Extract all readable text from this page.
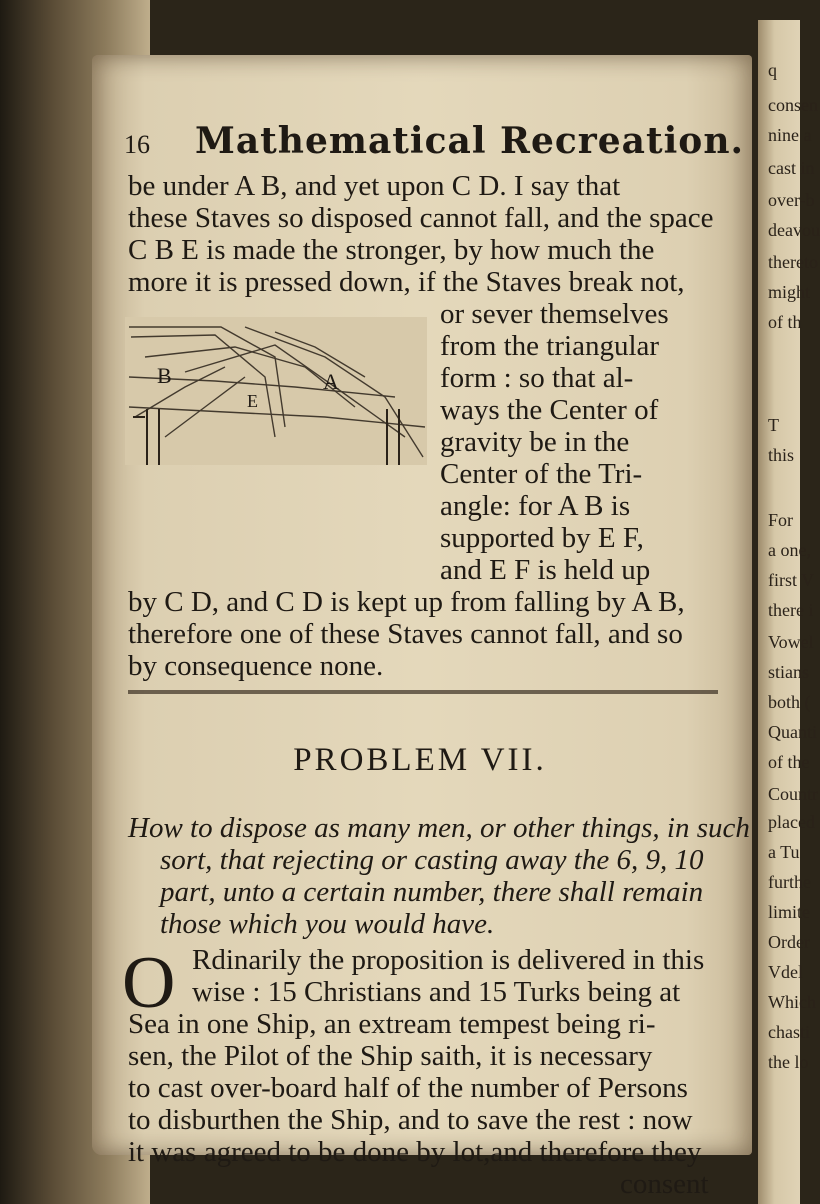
q
consen
nine a
cast in
over-b
deavou
thereto
might
of th
T
this
For
a one,
first V
there i
Vowel
stians
both (
Quanti
of the
Countr
placed
a Tu
furthe
limite
Order
Vdel
Which
chasti
the lo
16 Mathematical Recreation.
be under A B, and yet upon C D. I say that
these Staves so disposed cannot fall, and the space
C B E is made the stronger, by how much the
more it is pressed down, if the Staves break not,
B	A
E
or sever themselves
from the triangular
form : so that al-
ways the Center of
gravity be in the
Center of the Tri-
angle: for A B is
supported by E F,
and E F is held up
by C D, and C D is kept up from falling by A B,
therefore one of these Staves cannot fall, and so
by consequence none.
PROBLEM VII.
How to dispose as many men, or other things, in such
sort, that rejecting or casting away the 6, 9, 10
part, unto a certain number, there shall remain
those which you would have.
O Rdinarily the proposition is delivered in this
wise : 15 Christians and 15 Turks being at
Sea in one Ship, an extream tempest being ri-
sen, the Pilot of the Ship saith, it is necessary
to cast over-board half of the number of Persons
to disburthen the Ship, and to save the rest : now
it was agreed to be done by lot,and therefore they
consent
